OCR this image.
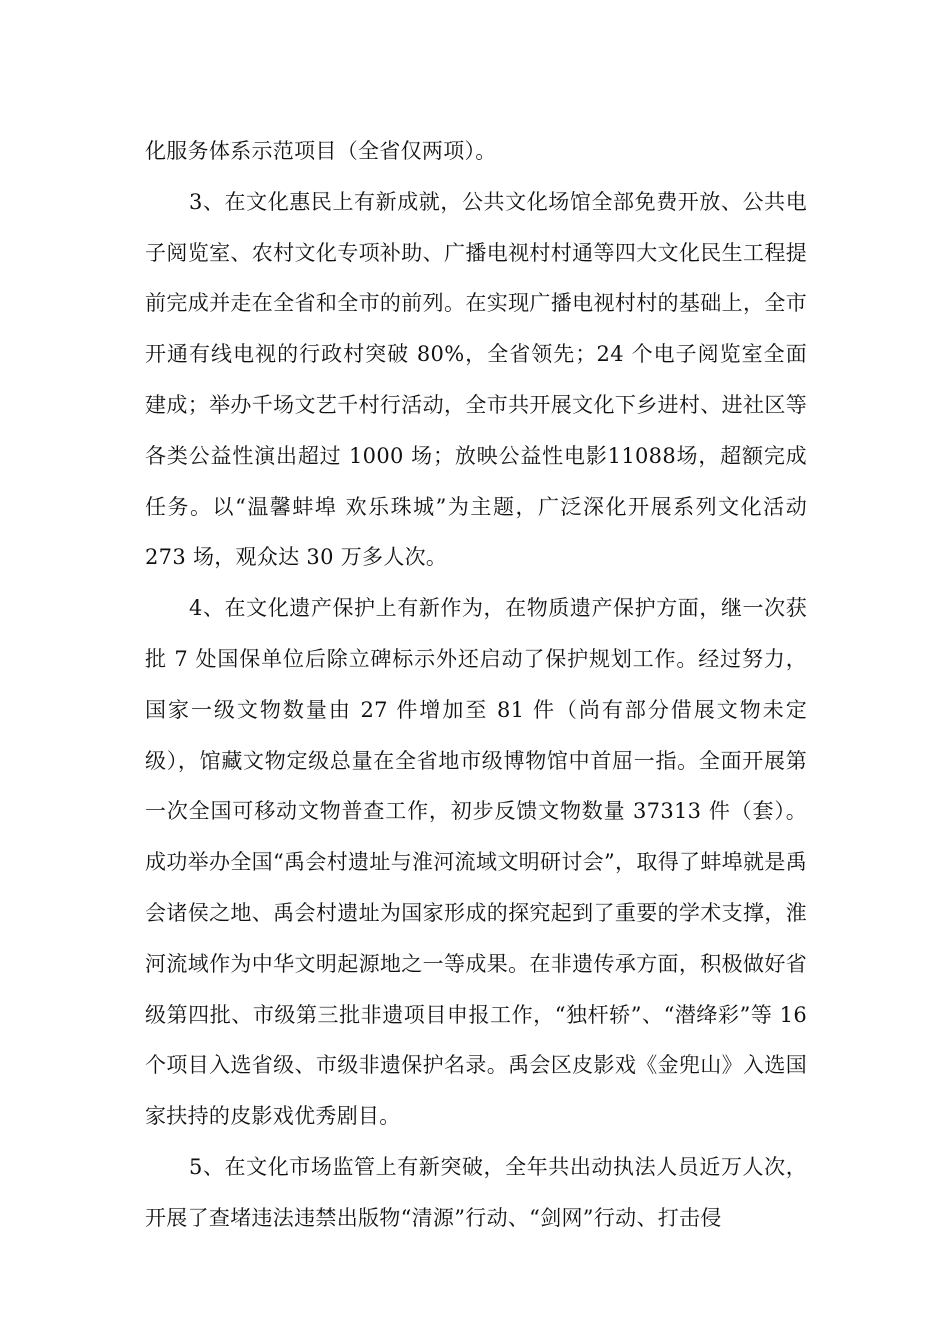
化服务体系示范项目（全省仅两项）。

3、在文化惠民上有新成就，公共文化场馆全部免费开放、公共电子阅览室、农村文化专项补助、广播电视村村通等四大文化民生工程提前完成并走在全省和全市的前列。在实现广播电视村村的基础上，全市开通有线电视的行政村突破 80%，全省领先；24 个电子阅览室全面建成；举办千场文艺千村行活动，全市共开展文化下乡进村、进社区等各类公益性演出超过 1000 场；放映公益性电影11088场，超额完成任务。以“温馨蚌埠 欢乐珠城”为主题，广泛深化开展系列文化活动 273 场，观众达 30 万多人次。

4、在文化遗产保护上有新作为，在物质遗产保护方面，继一次获批 7 处国保单位后除立碑标示外还启动了保护规划工作。经过努力，国家一级文物数量由 27 件增加至 81 件（尚有部分借展文物未定级），馆藏文物定级总量在全省地市级博物馆中首屈一指。全面开展第一次全国可移动文物普查工作，初步反馈文物数量 37313 件（套）。成功举办全国“禹会村遗址与淮河流域文明研讨会”，取得了蚌埠就是禹会诸侯之地、禹会村遗址为国家形成的探究起到了重要的学术支撑，淮河流域作为中华文明起源地之一等成果。在非遗传承方面，积极做好省级第四批、市级第三批非遗项目申报工作，“独杆轿”、“潜绛彩”等 16 个项目入选省级、市级非遗保护名录。禹会区皮影戏《金兜山》入选国家扶持的皮影戏优秀剧目。

5、在文化市场监管上有新突破，全年共出动执法人员近万人次，开展了查堵违法违禁出版物“清源”行动、“剑网”行动、打击侵
